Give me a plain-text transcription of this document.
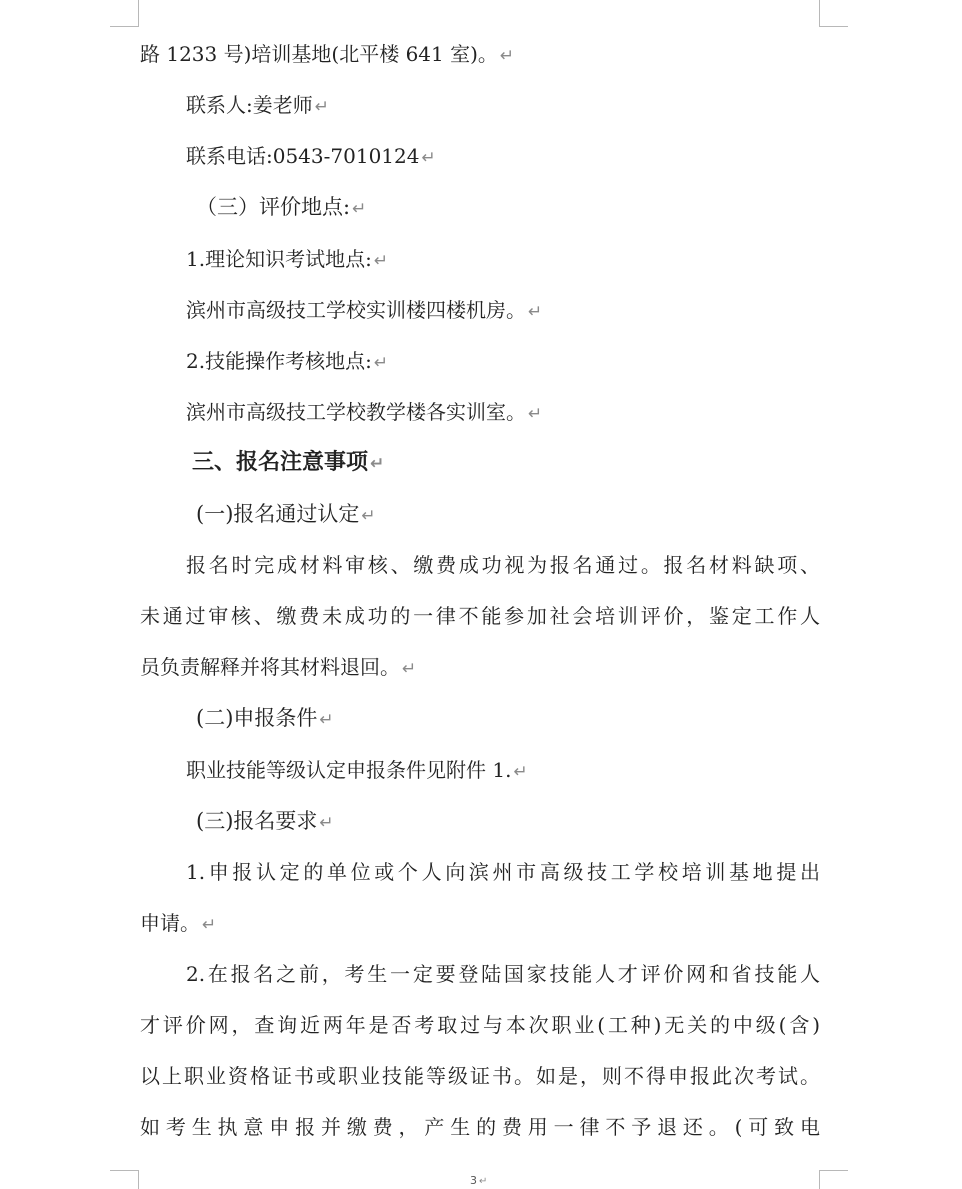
路 1233 号)培训基地(北平楼 641 室)。 ↵
联系人:姜老师 ↵
联系电话:0543-7010124 ↵
（三）评价地点: ↵
1.理论知识考试地点: ↵
滨州市高级技工学校实训楼四楼机房。 ↵
2.技能操作考核地点: ↵
滨州市高级技工学校教学楼各实训室。 ↵
三、报名注意事项 ↵
(一)报名通过认定 ↵
报名时完成材料审核、缴费成功视为报名通过。报名材料缺项、
未通过审核、缴费未成功的一律不能参加社会培训评价，鉴定工作人
员负责解释并将其材料退回。 ↵
(二)申报条件 ↵
职业技能等级认定申报条件见附件 1. ↵
(三)报名要求 ↵
1.申报认定的单位或个人向滨州市高级技工学校培训基地提出
申请。 ↵
2.在报名之前，考生一定要登陆国家技能人才评价网和省技能人
才评价网，查询近两年是否考取过与本次职业(工种)无关的中级(含)
以上职业资格证书或职业技能等级证书。如是，则不得申报此次考试。
如考生执意申报并缴费，产生的费用一律不予退还。(可致电
3 ↵
